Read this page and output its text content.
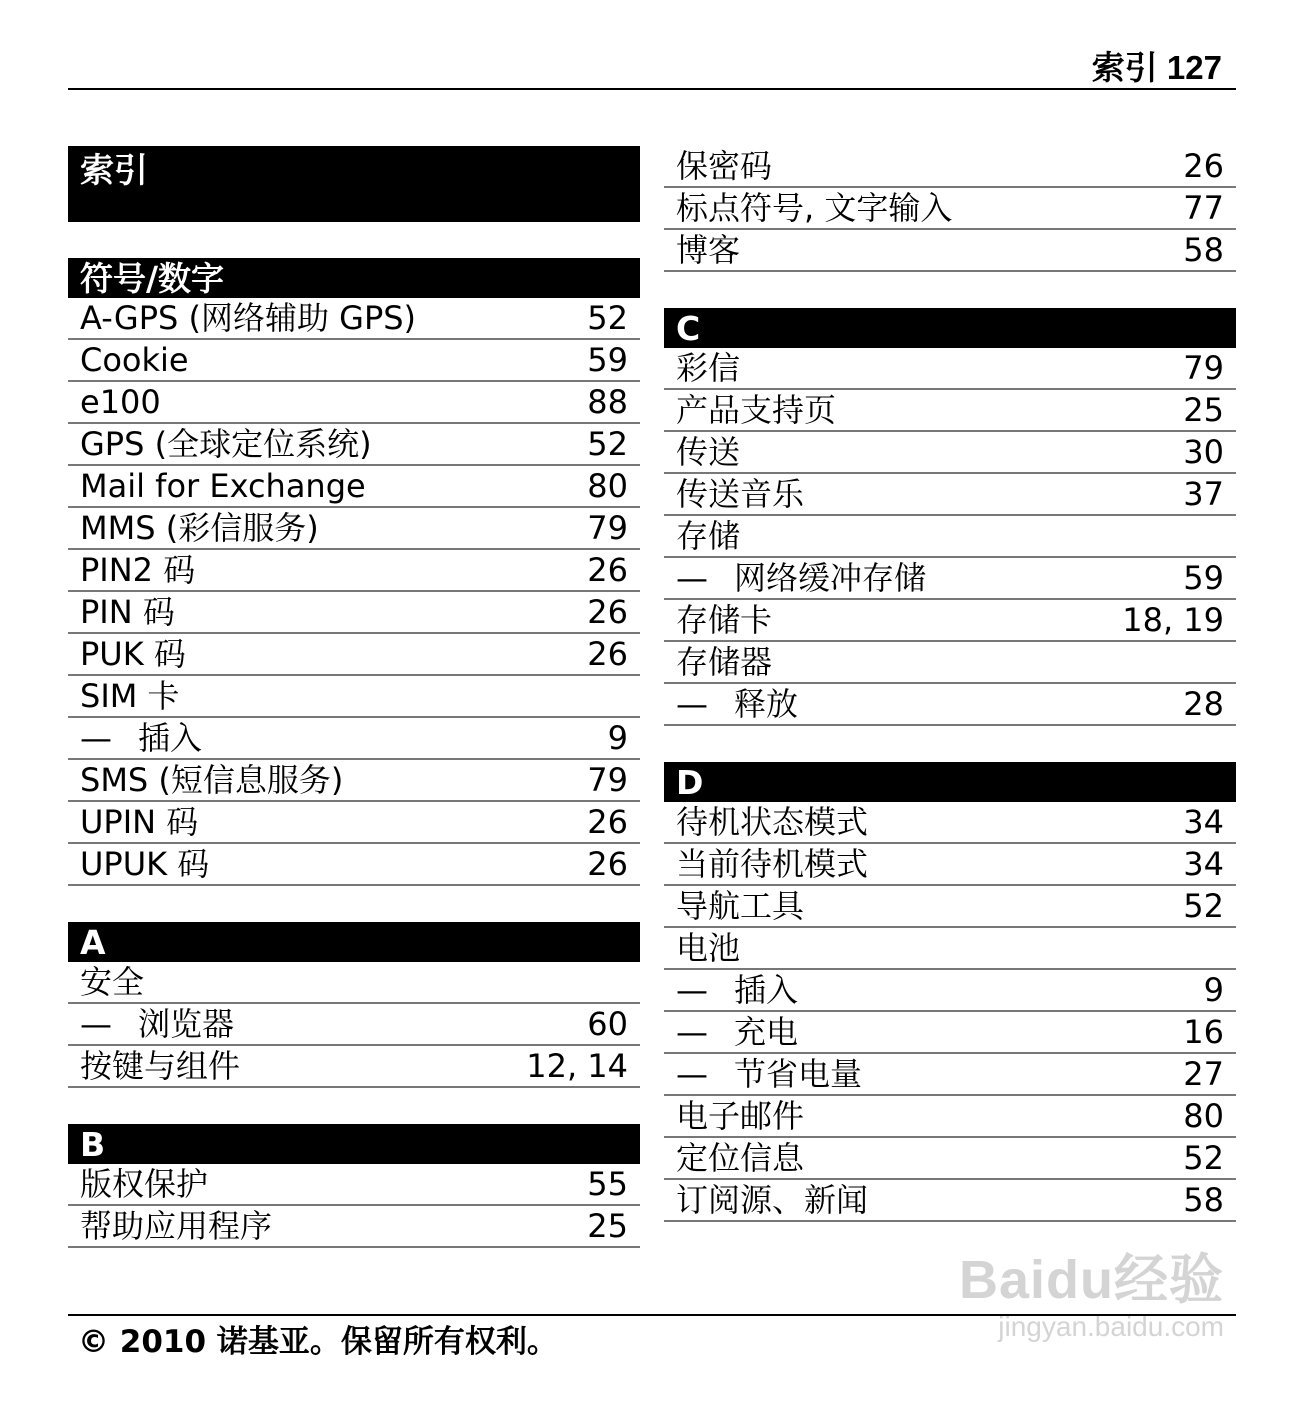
索引 127
索引
符号/数字
A-GPS (网络辅助 GPS)	52
Cookie	59
e100	88
GPS (全球定位系统)	52
Mail for Exchange	80
MMS (彩信服务)	79
PIN2 码	26
PIN 码	26
PUK 码	26
SIM 卡
— 插入	9
SMS (短信息服务)	79
UPIN 码	26
UPUK 码	26
A
安全
— 浏览器	60
按键与组件	12, 14
B
版权保护	55
帮助应用程序	25
保密码	26
标点符号, 文字输入	77
博客	58
C
彩信	79
产品支持页	25
传送	30
传送音乐	37
存储
— 网络缓冲存储	59
存储卡	18, 19
存储器
— 释放	28
D
待机状态模式	34
当前待机模式	34
导航工具	52
电池
— 插入	9
— 充电	16
— 节省电量	27
电子邮件	80
定位信息	52
订阅源、新闻	58
© 2010 诺基亚。保留所有权利。
Baidu经验
jingyan.baidu.com
